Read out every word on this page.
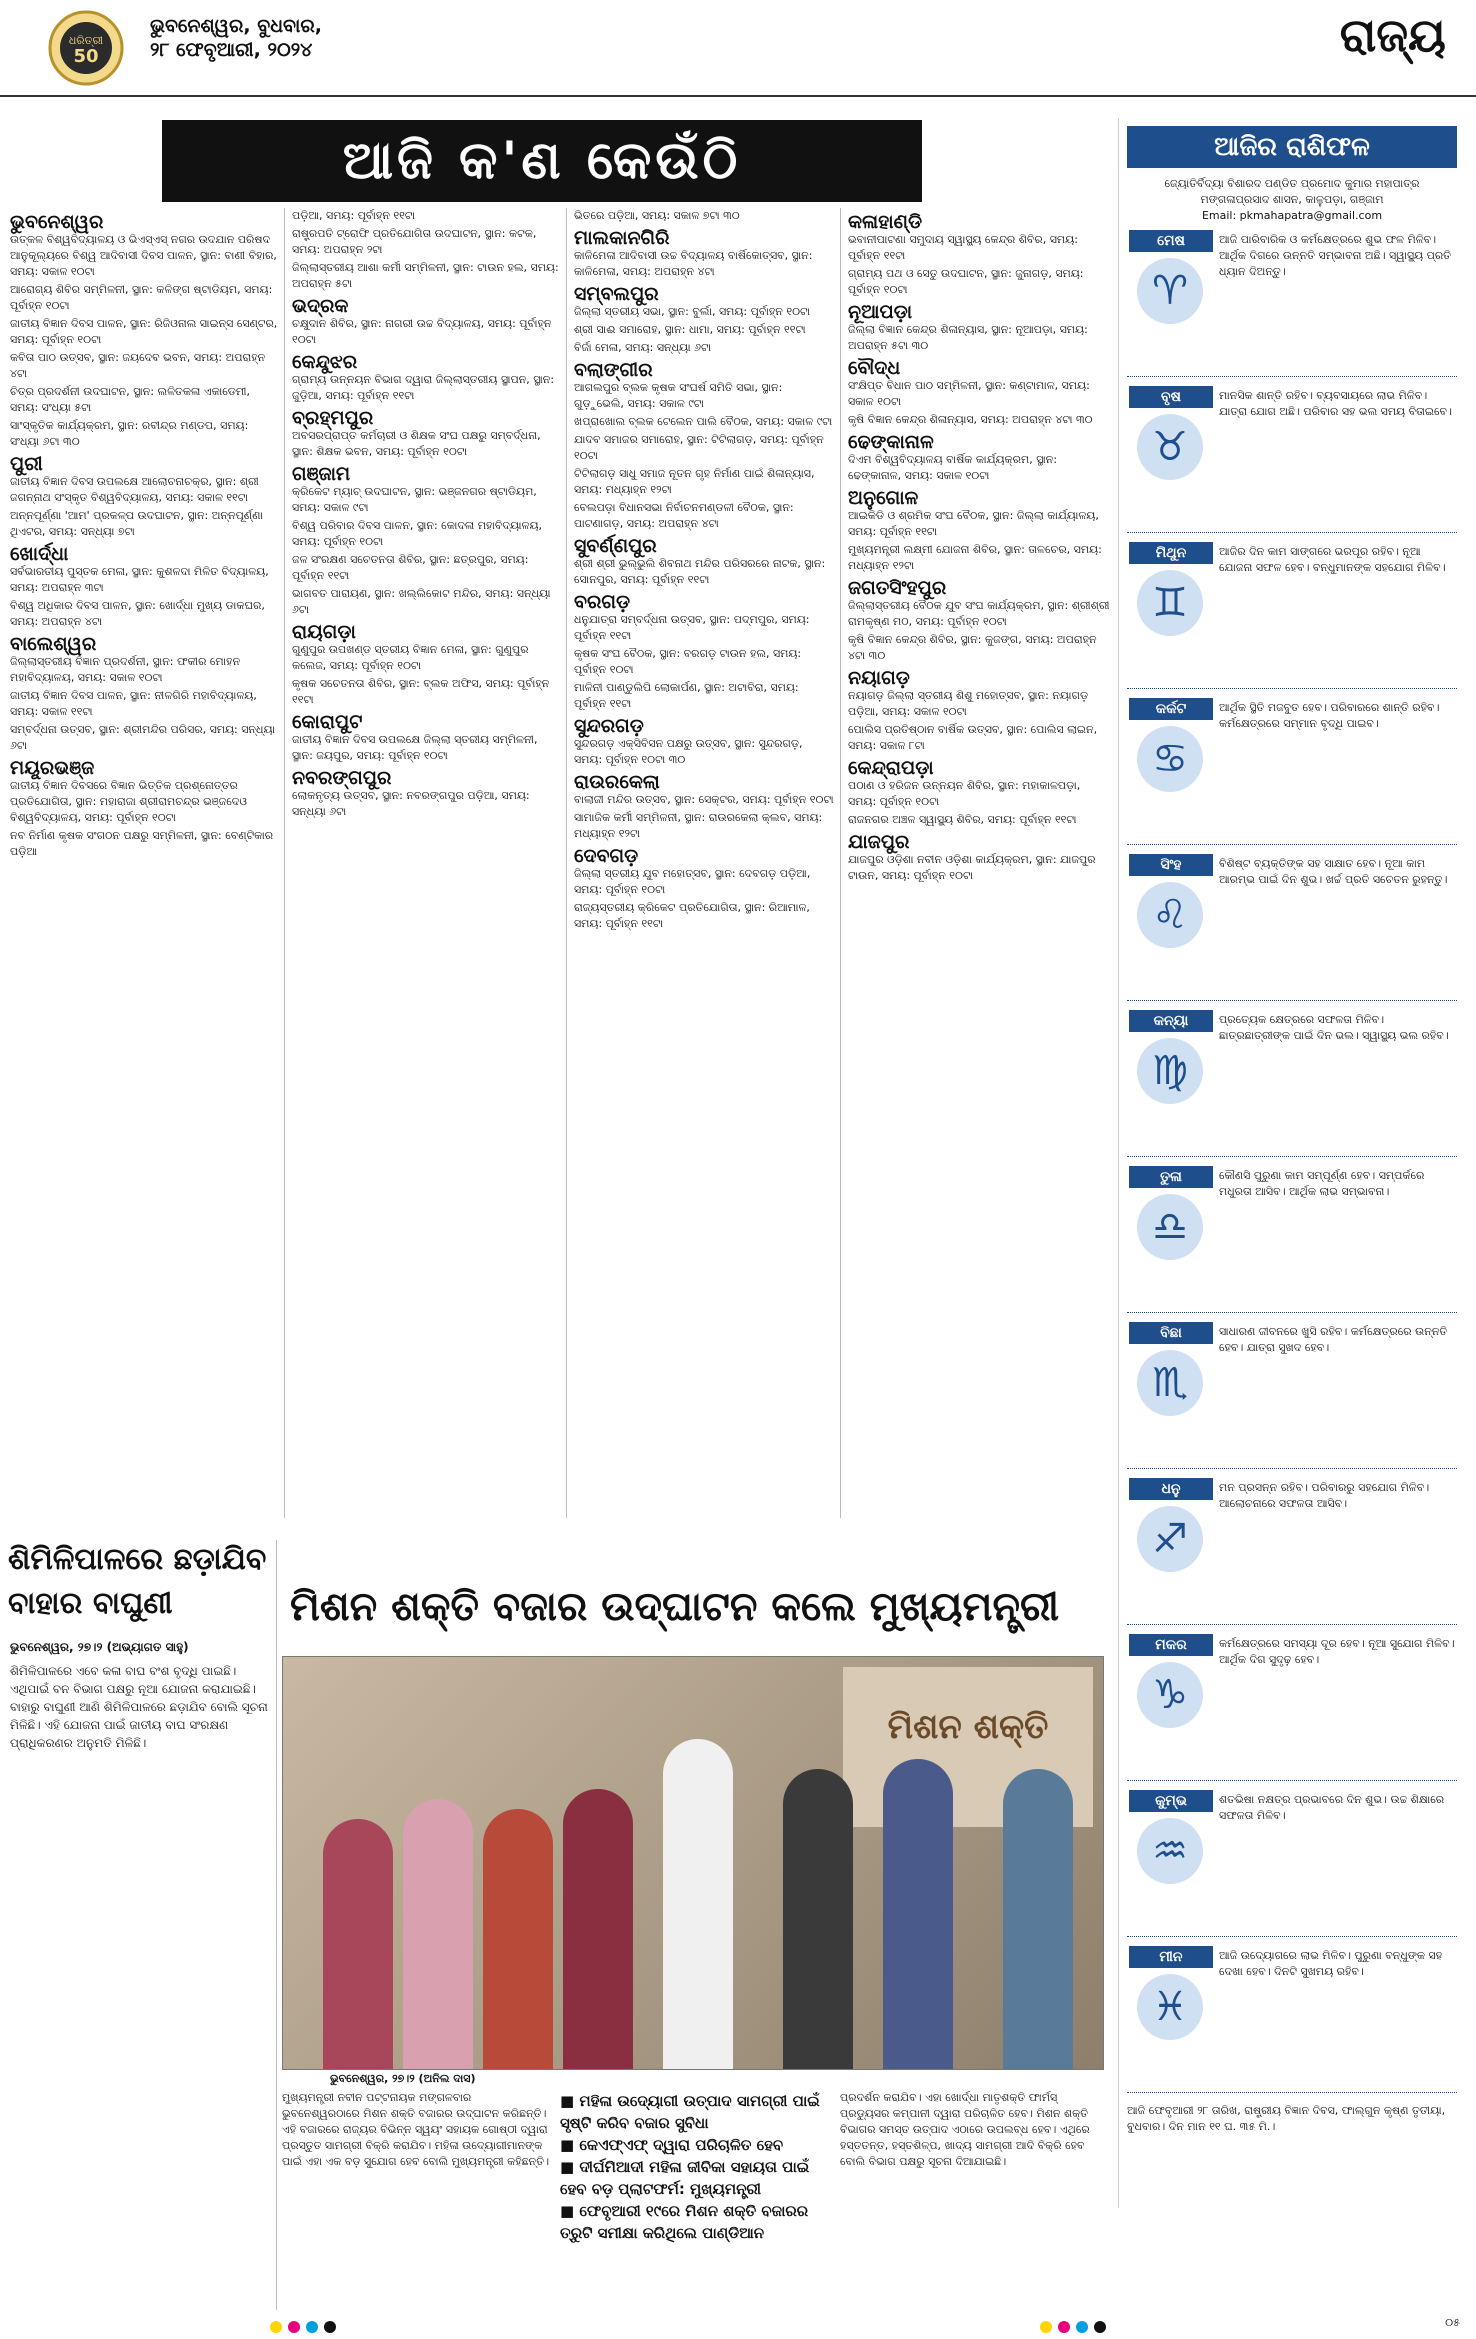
ଧରିତ୍ରୀ
50
ଭୁବନେଶ୍ୱର, ବୁଧବାର,
୨୮ ଫେବୃଆରୀ, ୨୦୨୪	ରାଜ୍ୟ
ଆଜି କ'ଣ କେଉଁଠି
ଭୁବନେଶ୍ୱର
ଉତ୍କଳ ବିଶ୍ୱବିଦ୍ୟାଳୟ ଓ ଭିଏସ୍‌ଏସ୍‌ ନଗର ଉଦଯାନ ପରିଷଦ ଆନୁକୂଲ୍ୟରେ ବିଶ୍ୱ ଆଦିବାସୀ ଦିବସ ପାଳନ, ସ୍ଥାନ: ବାଣୀ ବିହାର, ସମୟ: ସକାଳ ୧୦ଟା
ଆରୋଗ୍ୟ ଶିବିର ସମ୍ମିଳନୀ, ସ୍ଥାନ: କଳିଙ୍ଗ ଷ୍ଟାଡିୟମ, ସମୟ: ପୂର୍ବାହ୍ନ ୧୦ଟା
ଜାତୀୟ ବିଜ୍ଞାନ ଦିବସ ପାଳନ, ସ୍ଥାନ: ରିଜିଓନାଲ ସାଇନ୍ସ ସେଣ୍ଟର, ସମୟ: ପୂର୍ବାହ୍ନ ୧୦ଟା
କବିତା ପାଠ ଉତ୍ସବ, ସ୍ଥାନ: ଜୟଦେବ ଭବନ, ସମୟ: ଅପରାହ୍ନ ୪ଟା
ଚିତ୍ର ପ୍ରଦର୍ଶନୀ ଉଦଘାଟନ, ସ୍ଥାନ: ଲଳିତକଳା ଏକାଡେମୀ, ସମୟ: ସଂଧ୍ୟା ୫ଟା
ସାଂସ୍କୃତିକ କାର୍ଯ୍ୟକ୍ରମ, ସ୍ଥାନ: ରବୀନ୍ଦ୍ର ମଣ୍ଡପ, ସମୟ: ସଂଧ୍ୟା ୬ଟା ୩୦
ପୁରୀ
ଜାତୀୟ ବିଜ୍ଞାନ ଦିବସ ଉପଲକ୍ଷେ ଆଲୋଚନାଚକ୍ର, ସ୍ଥାନ: ଶ୍ରୀ ଜଗନ୍ନାଥ ସଂସ୍କୃତ ବିଶ୍ୱବିଦ୍ୟାଳୟ, ସମୟ: ସକାଳ ୧୧ଟା
ଅନ୍ନପୂର୍ଣ୍ଣା 'ଆମ' ପ୍ରକଳ୍ପ ଉଦଘାଟନ, ସ୍ଥାନ: ଅନ୍ନପୂର୍ଣ୍ଣା ଥିଏଟର, ସମୟ: ସନ୍ଧ୍ୟା ୭ଟା
ଖୋର୍ଦ୍ଧା
ସର୍ବଭାରତୀୟ ପୁସ୍ତକ ମେଳା, ସ୍ଥାନ: କୁଶଳଦା ମିଳିତ ବିଦ୍ୟାଳୟ, ସମୟ: ଅପରାହ୍ନ ୩ଟା
ବିଶ୍ୱ ଅଧିକାର ଦିବସ ପାଳନ, ସ୍ଥାନ: ଖୋର୍ଦ୍ଧା ମୁଖ୍ୟ ଡାକଘର, ସମୟ: ଅପରାହ୍ନ ୪ଟା
ବାଲେଶ୍ୱର
ଜିଲ୍ଲାସ୍ତରୀୟ ବିଜ୍ଞାନ ପ୍ରଦର୍ଶନୀ, ସ୍ଥାନ: ଫକୀର ମୋହନ ମହାବିଦ୍ୟାଳୟ, ସମୟ: ସକାଳ ୧୦ଟା
ଜାତୀୟ ବିଜ୍ଞାନ ଦିବସ ପାଳନ, ସ୍ଥାନ: ନୀଳଗିରି ମହାବିଦ୍ୟାଳୟ, ସମୟ: ସକାଳ ୧୧ଟା
ସମ୍ବର୍ଦ୍ଧନା ଉତ୍ସବ, ସ୍ଥାନ: ଶ୍ରୀମନ୍ଦିର ପରିସର, ସମୟ: ସନ୍ଧ୍ୟା ୬ଟା
ମୟୂରଭଞ୍ଜ
ଜାତୀୟ ବିଜ୍ଞାନ ଦିବସରେ ବିଜ୍ଞାନ ଭିତ୍ତିକ ପ୍ରଶ୍ନୋତ୍ତର ପ୍ରତିଯୋଗିତା, ସ୍ଥାନ: ମହାରାଜା ଶ୍ରୀରାମଚନ୍ଦ୍ର ଭଞ୍ଜଦେଓ ବିଶ୍ୱବିଦ୍ୟାଳୟ, ସମୟ: ପୂର୍ବାହ୍ନ ୧୦ଟା
ନବ ନିର୍ମାଣ କୃଷକ ସଂଗଠନ ପକ୍ଷରୁ ସମ୍ମିଳନୀ, ସ୍ଥାନ: ବେଣ୍ଟିକାର ପଡ଼ିଆ
ପଡ଼ିଆ, ସମୟ: ପୂର୍ବାହ୍ନ ୧୧ଟା
ରାଷ୍ଟ୍ରପତି ଟ୍ରୋଫି ପ୍ରତିଯୋଗିତା ଉଦଘାଟନ, ସ୍ଥାନ: କଟକ, ସମୟ: ଅପରାହ୍ନ ୨ଟା
ଜିଲ୍ଲାସ୍ତରୀୟ ଆଶା କର୍ମୀ ସମ୍ମିଳନୀ, ସ୍ଥାନ: ଟାଉନ ହଲ, ସମୟ: ଅପରାହ୍ନ ୫ଟା
ଭଦ୍ରକ
ଚକ୍ଷୁଦାନ ଶିବିର, ସ୍ଥାନ: ନାଗରୀ ଉଚ୍ଚ ବିଦ୍ୟାଳୟ, ସମୟ: ପୂର୍ବାହ୍ନ ୧୦ଟା
କେନ୍ଦୁଝର
ଗ୍ରାମ୍ୟ ଉନ୍ନୟନ ବିଭାଗ ଦ୍ୱାରା ଜିଲ୍ଲାସ୍ତରୀୟ ସ୍ଥାପନ, ସ୍ଥାନ: ଜୁଡ଼ିଆ, ସମୟ: ପୂର୍ବାହ୍ନ ୧୧ଟା
ବ୍ରହ୍ମପୁର
ଅବସରପ୍ରାପ୍ତ କର୍ମଚାରୀ ଓ ଶିକ୍ଷକ ସଂଘ ପକ୍ଷରୁ ସମ୍ବର୍ଦ୍ଧନା, ସ୍ଥାନ: ଶିକ୍ଷକ ଭବନ, ସମୟ: ପୂର୍ବାହ୍ନ ୧୦ଟା
ଗଞ୍ଜାମ
କ୍ରିକେଟ ମ୍ୟାଚ୍‌ ଉଦଘାଟନ, ସ୍ଥାନ: ଭଞ୍ଜନଗର ଷ୍ଟାଡିୟମ, ସମୟ: ସକାଳ ୯ଟା
ବିଶ୍ୱ ପରିବାର ଦିବସ ପାଳନ, ସ୍ଥାନ: କୋଦଳା ମହାବିଦ୍ୟାଳୟ, ସମୟ: ପୂର୍ବାହ୍ନ ୧୦ଟା
ଜଳ ସଂରକ୍ଷଣ ସଚେତନତା ଶିବିର, ସ୍ଥାନ: ଛତ୍ରପୁର, ସମୟ: ପୂର୍ବାହ୍ନ ୧୧ଟା
ଭାଗବତ ପାରାୟଣ, ସ୍ଥାନ: ଖଲ୍ଲିକୋଟ ମନ୍ଦିର, ସମୟ: ସନ୍ଧ୍ୟା ୬ଟା
ରାୟଗଡ଼ା
ଗୁଣୁପୁର ଉପଖଣ୍ଡ ସ୍ତରୀୟ ବିଜ୍ଞାନ ମେଳା, ସ୍ଥାନ: ଗୁଣୁପୁର କଲେଜ, ସମୟ: ପୂର୍ବାହ୍ନ ୧୦ଟା
କୃଷକ ସଚେତନତା ଶିବିର, ସ୍ଥାନ: ବ୍ଲକ ଅଫିସ, ସମୟ: ପୂର୍ବାହ୍ନ ୧୧ଟା
କୋରାପୁଟ
ଜାତୀୟ ବିଜ୍ଞାନ ଦିବସ ଉପଲକ୍ଷେ ଜିଲ୍ଲା ସ୍ତରୀୟ ସମ୍ମିଳନୀ, ସ୍ଥାନ: ଜୟପୁର, ସମୟ: ପୂର୍ବାହ୍ନ ୧୦ଟା
ନବରଙ୍ଗପୁର
ଲୋକନୃତ୍ୟ ଉତ୍ସବ, ସ୍ଥାନ: ନବରଙ୍ଗପୁର ପଡ଼ିଆ, ସମୟ: ସନ୍ଧ୍ୟା ୬ଟା
ଭିତରେ ପଡ଼ିଆ, ସମୟ: ସକାଳ ୭ଟା ୩୦
ମାଲକାନଗିରି
କାଳିମେଳା ଆଦିବାସୀ ଉଚ୍ଚ ବିଦ୍ୟାଳୟ ବାର୍ଷିକୋତ୍ସବ, ସ୍ଥାନ: କାଳିମେଳା, ସମୟ: ଅପରାହ୍ନ ୪ଟା
ସମ୍ବଲପୁର
ଜିଲ୍ଲା ସ୍ତରୀୟ ସଭା, ସ୍ଥାନ: ବୁର୍ଲା, ସମୟ: ପୂର୍ବାହ୍ନ ୧୦ଟା
ଶ୍ରୀ ସାଈ ସମାରୋହ, ସ୍ଥାନ: ଧାମା, ସମୟ: ପୂର୍ବାହ୍ନ ୧୧ଟା
ବିର୍ଜା ମେଳା, ସମୟ: ସନ୍ଧ୍ୟା ୬ଟା
ବଲାଙ୍ଗୀର
ଆଗଲପୁର ବ୍ଲକ କୃଷକ ସଂଘର୍ଷ ସମିତି ସଭା, ସ୍ଥାନ: ଗୁଡ଼ୁଭେଲି, ସମୟ: ସକାଳ ୯ଟା
ଖପ୍ରାଖୋଲ ବ୍ଲକ ଟେଲେନ ପାଲି ବୈଠକ, ସମୟ: ସକାଳ ୯ଟା
ଯାଦବ ସମାଜର ସମାରୋହ, ସ୍ଥାନ: ଟିଟିଲାଗଡ଼, ସମୟ: ପୂର୍ବାହ୍ନ ୧୦ଟା
ଟିଟିଲାଗଡ଼ ସାଧୁ ସମାଜ ନୂତନ ଗୃହ ନିର୍ମାଣ ପାଇଁ ଶିଳାନ୍ୟାସ, ସମୟ: ମଧ୍ୟାହ୍ନ ୧୨ଟା
ବେଲପଡ଼ା ବିଧାନସଭା ନିର୍ବାଚନମଣ୍ଡଳୀ ବୈଠକ, ସ୍ଥାନ: ପାଟଣାଗଡ଼, ସମୟ: ଅପରାହ୍ନ ୪ଟା
ସୁବର୍ଣ୍ଣପୁର
ଶ୍ରୀ ଶ୍ରୀ ଭୁଲ୍‌ଭୁଲି ଶିବନାଥ ମନ୍ଦିର ପରିସରରେ ନାଟକ, ସ୍ଥାନ: ସୋନପୁର, ସମୟ: ପୂର୍ବାହ୍ନ ୧୧ଟା
ବରଗଡ଼
ଧନୁଯାତ୍ରା ସମ୍ବର୍ଦ୍ଧନା ଉତ୍ସବ, ସ୍ଥାନ: ପଦ୍ମପୁର, ସମୟ: ପୂର୍ବାହ୍ନ ୧୧ଟା
କୃଷକ ସଂଘ ବୈଠକ, ସ୍ଥାନ: ବରଗଡ଼ ଟାଉନ ହଲ, ସମୟ: ପୂର୍ବାହ୍ନ ୧୦ଟା
ମାଳିନୀ ପାଣ୍ଡୁଲିପି ଲୋକାର୍ପଣ, ସ୍ଥାନ: ଅଟାବିରା, ସମୟ: ପୂର୍ବାହ୍ନ ୧୧ଟା
ସୁନ୍ଦରଗଡ଼
ସୁନ୍ଦରଗଡ଼ ଏକ୍ସିବିସନ ପକ୍ଷରୁ ଉତ୍ସବ, ସ୍ଥାନ: ସୁନ୍ଦରଗଡ଼, ସମୟ: ପୂର୍ବାହ୍ନ ୧୦ଟା ୩୦
ରାଉରକେଲା
ବାଲାଜୀ ମନ୍ଦିର ଉତ୍ସବ, ସ୍ଥାନ: ସେକ୍ଟର, ସମୟ: ପୂର୍ବାହ୍ନ ୧୦ଟା
ସାମାଜିକ କର୍ମୀ ସମ୍ମିଳନୀ, ସ୍ଥାନ: ରାଉରକେଲା କ୍ଲବ, ସମୟ: ମଧ୍ୟାହ୍ନ ୧୨ଟା
ଦେବଗଡ଼
ଜିଲ୍ଲା ସ୍ତରୀୟ ଯୁବ ମହୋତ୍ସବ, ସ୍ଥାନ: ଦେବଗଡ଼ ପଡ଼ିଆ, ସମୟ: ପୂର୍ବାହ୍ନ ୧୦ଟା
ରାଜ୍ୟସ୍ତରୀୟ କ୍ରିକେଟ ପ୍ରତିଯୋଗିତା, ସ୍ଥାନ: ରିଆମାଳ, ସମୟ: ପୂର୍ବାହ୍ନ ୧୧ଟା
କଳାହାଣ୍ଡି
ଭବାନୀପାଟଣା ସମୁଦାୟ ସ୍ୱାସ୍ଥ୍ୟ କେନ୍ଦ୍ର ଶିବିର, ସମୟ: ପୂର୍ବାହ୍ନ ୧୧ଟା
ଗ୍ରାମ୍ୟ ପଥ ଓ ସେତୁ ଉଦଘାଟନ, ସ୍ଥାନ: ଜୁନାଗଡ଼, ସମୟ: ପୂର୍ବାହ୍ନ ୧୦ଟା
ନୂଆପଡ଼ା
ଜିଲ୍ଲା ବିଜ୍ଞାନ କେନ୍ଦ୍ର ଶିଳାନ୍ୟାସ, ସ୍ଥାନ: ନୂଆପଡ଼ା, ସମୟ: ଅପରାହ୍ନ ୫ଟା ୩୦
ବୌଦ୍ଧ
ସଂକ୍ଷିପ୍ତ ବିଧାନ ପାଠ ସମ୍ମିଳନୀ, ସ୍ଥାନ: କଣ୍ଟାମାଳ, ସମୟ: ସକାଳ ୧୦ଟା
କୃଷି ବିଜ୍ଞାନ କେନ୍ଦ୍ର ଶିଳାନ୍ୟାସ, ସମୟ: ଅପରାହ୍ନ ୪ଟା ୩୦
ଢେଙ୍କାନାଳ
ଦିଏମ ବିଶ୍ୱବିଦ୍ୟାଳୟ ବାର୍ଷିକ କାର୍ଯ୍ୟକ୍ରମ, ସ୍ଥାନ: ଢେଙ୍କାନାଳ, ସମୟ: ସକାଳ ୧୦ଟା
ଅନୁଗୋଳ
ଆଇକିଡି ଓ ଶ୍ରମିକ ସଂଘ ବୈଠକ, ସ୍ଥାନ: ଜିଲ୍ଲା କାର୍ଯ୍ୟାଳୟ, ସମୟ: ପୂର୍ବାହ୍ନ ୧୧ଟା
ମୁଖ୍ୟମନ୍ତ୍ରୀ ଲକ୍ଷ୍ମୀ ଯୋଜନା ଶିବିର, ସ୍ଥାନ: ତାଳଚେର, ସମୟ: ମଧ୍ୟାହ୍ନ ୧୨ଟା
ଜଗତସିଂହପୁର
ଜିଲ୍ଲାସ୍ତରୀୟ ବୈଠକ ଯୁବ ସଂଘ କାର୍ଯ୍ୟକ୍ରମ, ସ୍ଥାନ: ଶ୍ରୀଶ୍ରୀ ରାମକୃଷ୍ଣ ମଠ, ସମୟ: ପୂର୍ବାହ୍ନ ୧୦ଟା
କୃଷି ବିଜ୍ଞାନ କେନ୍ଦ୍ର ଶିବିର, ସ୍ଥାନ: କୁଜଙ୍ଗ, ସମୟ: ଅପରାହ୍ନ ୪ଟା ୩୦
ନୟାଗଡ଼
ନୟାଗଡ଼ ଜିଲ୍ଲା ସ୍ତରୀୟ ଶିଶୁ ମହୋତ୍ସବ, ସ୍ଥାନ: ନୟାଗଡ଼ ପଡ଼ିଆ, ସମୟ: ସକାଳ ୧୦ଟା
ପୋଲିସ ପ୍ରତିଷ୍ଠାନ ବାର୍ଷିକ ଉତ୍ସବ, ସ୍ଥାନ: ପୋଲିସ ଲାଇନ, ସମୟ: ସକାଳ ୮ଟା
କେନ୍ଦ୍ରାପଡ଼ା
ପଠାଣ ଓ ହରିଜନ ଉନ୍ନୟନ ଶିବିର, ସ୍ଥାନ: ମହାକାଳପଡ଼ା, ସମୟ: ପୂର୍ବାହ୍ନ ୧୦ଟା
ରାଜନଗର ଅଞ୍ଚଳ ସ୍ୱାସ୍ଥ୍ୟ ଶିବିର, ସମୟ: ପୂର୍ବାହ୍ନ ୧୧ଟା
ଯାଜପୁର
ଯାଜପୁର ଓଡ଼ିଶା ନବୀନ ଓଡ଼ିଶା କାର୍ଯ୍ୟକ୍ରମ, ସ୍ଥାନ: ଯାଜପୁର ଟାଉନ, ସମୟ: ପୂର୍ବାହ୍ନ ୧୦ଟା
ଆଜିର ରାଶିଫଳ
ଜ୍ୟୋତିର୍ବିଦ୍ୟା ବିଶାରଦ ପଣ୍ଡିତ ପ୍ରମୋଦ କୁମାର ମହାପାତ୍ର
ମଙ୍ଗଳାପ୍ରସାଦ ଶାସନ, କାଳୁପଡ଼ା, ଗଞ୍ଜାମ
Email: pkmahapatra@gmail.com
ଆଜି ଫେବୃଆରୀ ୨୮ ତାରିଖ, ରାଷ୍ଟ୍ରୀୟ ବିଜ୍ଞାନ ଦିବସ, ଫାଲ୍ଗୁନ କୃଷ୍ଣ ତୃତୀୟା, ବୁଧବାର। ଦିନ ମାନ ୧୧ ଘ. ୩୫ ମି.।
ମେଷ
♈
ଆଜି ପାରିବାରିକ ଓ କର୍ମକ୍ଷେତ୍ରରେ ଶୁଭ ଫଳ ମିଳିବ। ଆର୍ଥିକ ଦିଗରେ ଉନ୍ନତି ସମ୍ଭାବନା ଅଛି। ସ୍ୱାସ୍ଥ୍ୟ ପ୍ରତି ଧ୍ୟାନ ଦିଅନ୍ତୁ।
ବୃଷ
♉
ମାନସିକ ଶାନ୍ତି ରହିବ। ବ୍ୟବସାୟରେ ଲାଭ ମିଳିବ। ଯାତ୍ରା ଯୋଗ ଅଛି। ପରିବାର ସହ ଭଲ ସମୟ ବିତାଇବେ।
ମିଥୁନ
♊
ଆଜିର ଦିନ କାମ ସାଙ୍ଗରେ ଭରପୂର ରହିବ। ନୂଆ ଯୋଜନା ସଫଳ ହେବ। ବନ୍ଧୁମାନଙ୍କ ସହଯୋଗ ମିଳିବ।
କର୍କଟ
♋
ଆର୍ଥିକ ସ୍ଥିତି ମଜବୁତ ହେବ। ପରିବାରରେ ଶାନ୍ତି ରହିବ। କର୍ମକ୍ଷେତ୍ରରେ ସମ୍ମାନ ବୃଦ୍ଧି ପାଇବ।
ସିଂହ
♌
ବିଶିଷ୍ଟ ବ୍ୟକ୍ତିଙ୍କ ସହ ସାକ୍ଷାତ ହେବ। ନୂଆ କାମ ଆରମ୍ଭ ପାଇଁ ଦିନ ଶୁଭ। ଖର୍ଚ୍ଚ ପ୍ରତି ସଚେତନ ରୁହନ୍ତୁ।
କନ୍ୟା
♍
ପ୍ରତ୍ୟେକ କ୍ଷେତ୍ରରେ ସଫଳତା ମିଳିବ। ଛାତ୍ରଛାତ୍ରୀଙ୍କ ପାଇଁ ଦିନ ଭଲ। ସ୍ୱାସ୍ଥ୍ୟ ଭଲ ରହିବ।
ତୁଳା
♎
କୌଣସି ପୁରୁଣା କାମ ସମ୍ପୂର୍ଣ୍ଣ ହେବ। ସମ୍ପର୍କରେ ମଧୁରତା ଆସିବ। ଆର୍ଥିକ ଲାଭ ସମ୍ଭାବନା।
ବିଛା
♏
ସାଧାରଣ ଜୀବନରେ ଖୁସି ରହିବ। କର୍ମକ୍ଷେତ୍ରରେ ଉନ୍ନତି ହେବ। ଯାତ୍ରା ସୁଖଦ ହେବ।
ଧନୁ
♐
ମନ ପ୍ରସନ୍ନ ରହିବ। ପରିବାରରୁ ସହଯୋଗ ମିଳିବ। ଆଲୋଚନାରେ ସଫଳତା ଆସିବ।
ମକର
♑
କର୍ମକ୍ଷେତ୍ରରେ ସମସ୍ୟା ଦୂର ହେବ। ନୂଆ ସୁଯୋଗ ମିଳିବ। ଆର୍ଥିକ ଦିଗ ସୁଦୃଢ଼ ହେବ।
କୁମ୍ଭ
♒
ଶତଭିଷା ନକ୍ଷତ୍ର ପ୍ରଭାବରେ ଦିନ ଶୁଭ। ଉଚ୍ଚ ଶିକ୍ଷାରେ ସଫଳତା ମିଳିବ।
ମୀନ
♓
ଆଜି ଉଦ୍ୟୋଗରେ ଲାଭ ମିଳିବ। ପୁରୁଣା ବନ୍ଧୁଙ୍କ ସହ ଦେଖା ହେବ। ଦିନଟି ସୁଖମୟ ରହିବ।
ଶିମିଳିପାଳରେ ଛଡ଼ାଯିବ ବାହାର ବାଘୁଣୀ
ଭୁବନେଶ୍ୱର, ୨୭।୨ (ଅଭ୍ୟାଗତ ସାହୁ)
ଶିମିଳିପାଳରେ ଏବେ କଳା ବାଘ ବଂଶ ବୃଦ୍ଧି ପାଇଛି। ଏଥିପାଇଁ ବନ ବିଭାଗ ପକ୍ଷରୁ ନୂଆ ଯୋଜନା କରାଯାଇଛି। ବାହାରୁ ବାଘୁଣୀ ଆଣି ଶିମିଳିପାଳରେ ଛଡ଼ାଯିବ ବୋଲି ସୂଚନା ମିଳିଛି। ଏହି ଯୋଜନା ପାଇଁ ଜାତୀୟ ବାଘ ସଂରକ୍ଷଣ ପ୍ରାଧିକରଣର ଅନୁମତି ମିଳିଛି।
ମିଶନ ଶକ୍ତି ବଜାର ଉଦ୍‌ଘାଟନ କଲେ ମୁଖ୍ୟମନ୍ତ୍ରୀ
ମିଶନ ଶକ୍ତି
ଭୁବନେଶ୍ୱର, ୨୭।୨ (ଅନିଲ ଦାସ)
■ ମହିଳା ଉଦ୍ୟୋଗୀ ଉତ୍ପାଦ ସାମଗ୍ରୀ ପାଇଁ ସୃଷ୍ଟି କରିବ ବଜାର ସୁବିଧା
■ କେଏଫ୍‌ଏଫ୍‌ ଦ୍ୱାରା ପରିଚାଳିତ ହେବ
■ ଦୀର୍ଘମିଆଦୀ ମହିଳା ଜୀବିକା ସହାୟତା ପାଇଁ ହେବ ବଡ଼ ପ୍ଲାଟଫର୍ମ: ମୁଖ୍ୟମନ୍ତ୍ରୀ
■ ଫେବୃଆରୀ ୧୯ରେ ମିଶନ ଶକ୍ତି ବଜାରର ତ୍ରୁଟି ସମୀକ୍ଷା କରିଥିଲେ ପାଣ୍ଡିଆନ
ମୁଖ୍ୟମନ୍ତ୍ରୀ ନବୀନ ପଟ୍ଟନାୟକ ମଙ୍ଗଳବାର ଭୁବନେଶ୍ୱରଠାରେ ମିଶନ ଶକ୍ତି ବଜାରର ଉଦ୍‌ଘାଟନ କରିଛନ୍ତି। ଏହି ବଜାରରେ ରାଜ୍ୟର ବିଭିନ୍ନ ସ୍ୱୟଂ ସହାୟକ ଗୋଷ୍ଠୀ ଦ୍ୱାରା ପ୍ରସ୍ତୁତ ସାମଗ୍ରୀ ବିକ୍ରି କରାଯିବ। ମହିଳା ଉଦ୍ୟୋଗୀମାନଙ୍କ ପାଇଁ ଏହା ଏକ ବଡ଼ ସୁଯୋଗ ହେବ ବୋଲି ମୁଖ୍ୟମନ୍ତ୍ରୀ କହିଛନ୍ତି।
ପ୍ରଦର୍ଶନ କରାଯିବ। ଏହା ଖୋର୍ଦ୍ଧା ମାତୃଶକ୍ତି ଫାର୍ମସ୍‌ ପ୍ରଡ୍ୟୁସର କମ୍ପାନୀ ଦ୍ୱାରା ପରିଚାଳିତ ହେବ। ମିଶନ ଶକ୍ତି ବିଭାଗର ସମସ୍ତ ଉତ୍ପାଦ ଏଠାରେ ଉପଲବ୍ଧ ହେବ। ଏଥିରେ ହସ୍ତତନ୍ତ, ହସ୍ତଶିଳ୍ପ, ଖାଦ୍ୟ ସାମଗ୍ରୀ ଆଦି ବିକ୍ରି ହେବ ବୋଲି ବିଭାଗ ପକ୍ଷରୁ ସୂଚନା ଦିଆଯାଇଛି।
୦୫
